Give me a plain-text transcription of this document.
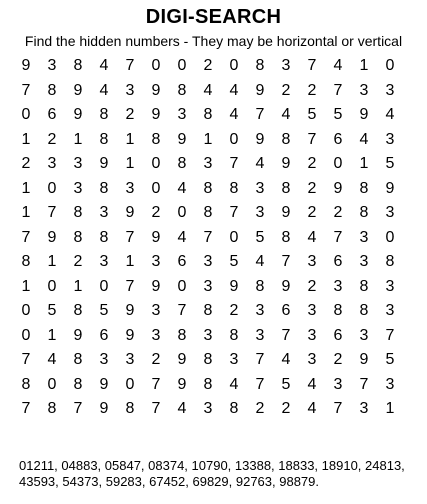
DIGI-SEARCH
Find the hidden numbers - They may be horizontal or vertical
9	3	8	4	7	0	0	2	0	8	3	7	4	1	0
7	8	9	4	3	9	8	4	4	9	2	2	7	3	3
0	6	9	8	2	9	3	8	4	7	4	5	5	9	4
1	2	1	8	1	8	9	1	0	9	8	7	6	4	3
2	3	3	9	1	0	8	3	7	4	9	2	0	1	5
1	0	3	8	3	0	4	8	8	3	8	2	9	8	9
1	7	8	3	9	2	0	8	7	3	9	2	2	8	3
7	9	8	8	7	9	4	7	0	5	8	4	7	3	0
8	1	2	3	1	3	6	3	5	4	7	3	6	3	8
1	0	1	0	7	9	0	3	9	8	9	2	3	8	3
0	5	8	5	9	3	7	8	2	3	6	3	8	8	3
0	1	9	6	9	3	8	3	8	3	7	3	6	3	7
7	4	8	3	3	2	9	8	3	7	4	3	2	9	5
8	0	8	9	0	7	9	8	4	7	5	4	3	7	3
7	8	7	9	8	7	4	3	8	2	2	4	7	3	1
01211, 04883, 05847, 08374, 10790, 13388, 18833, 18910, 24813,
43593, 54373, 59283, 67452, 69829, 92763, 98879.
